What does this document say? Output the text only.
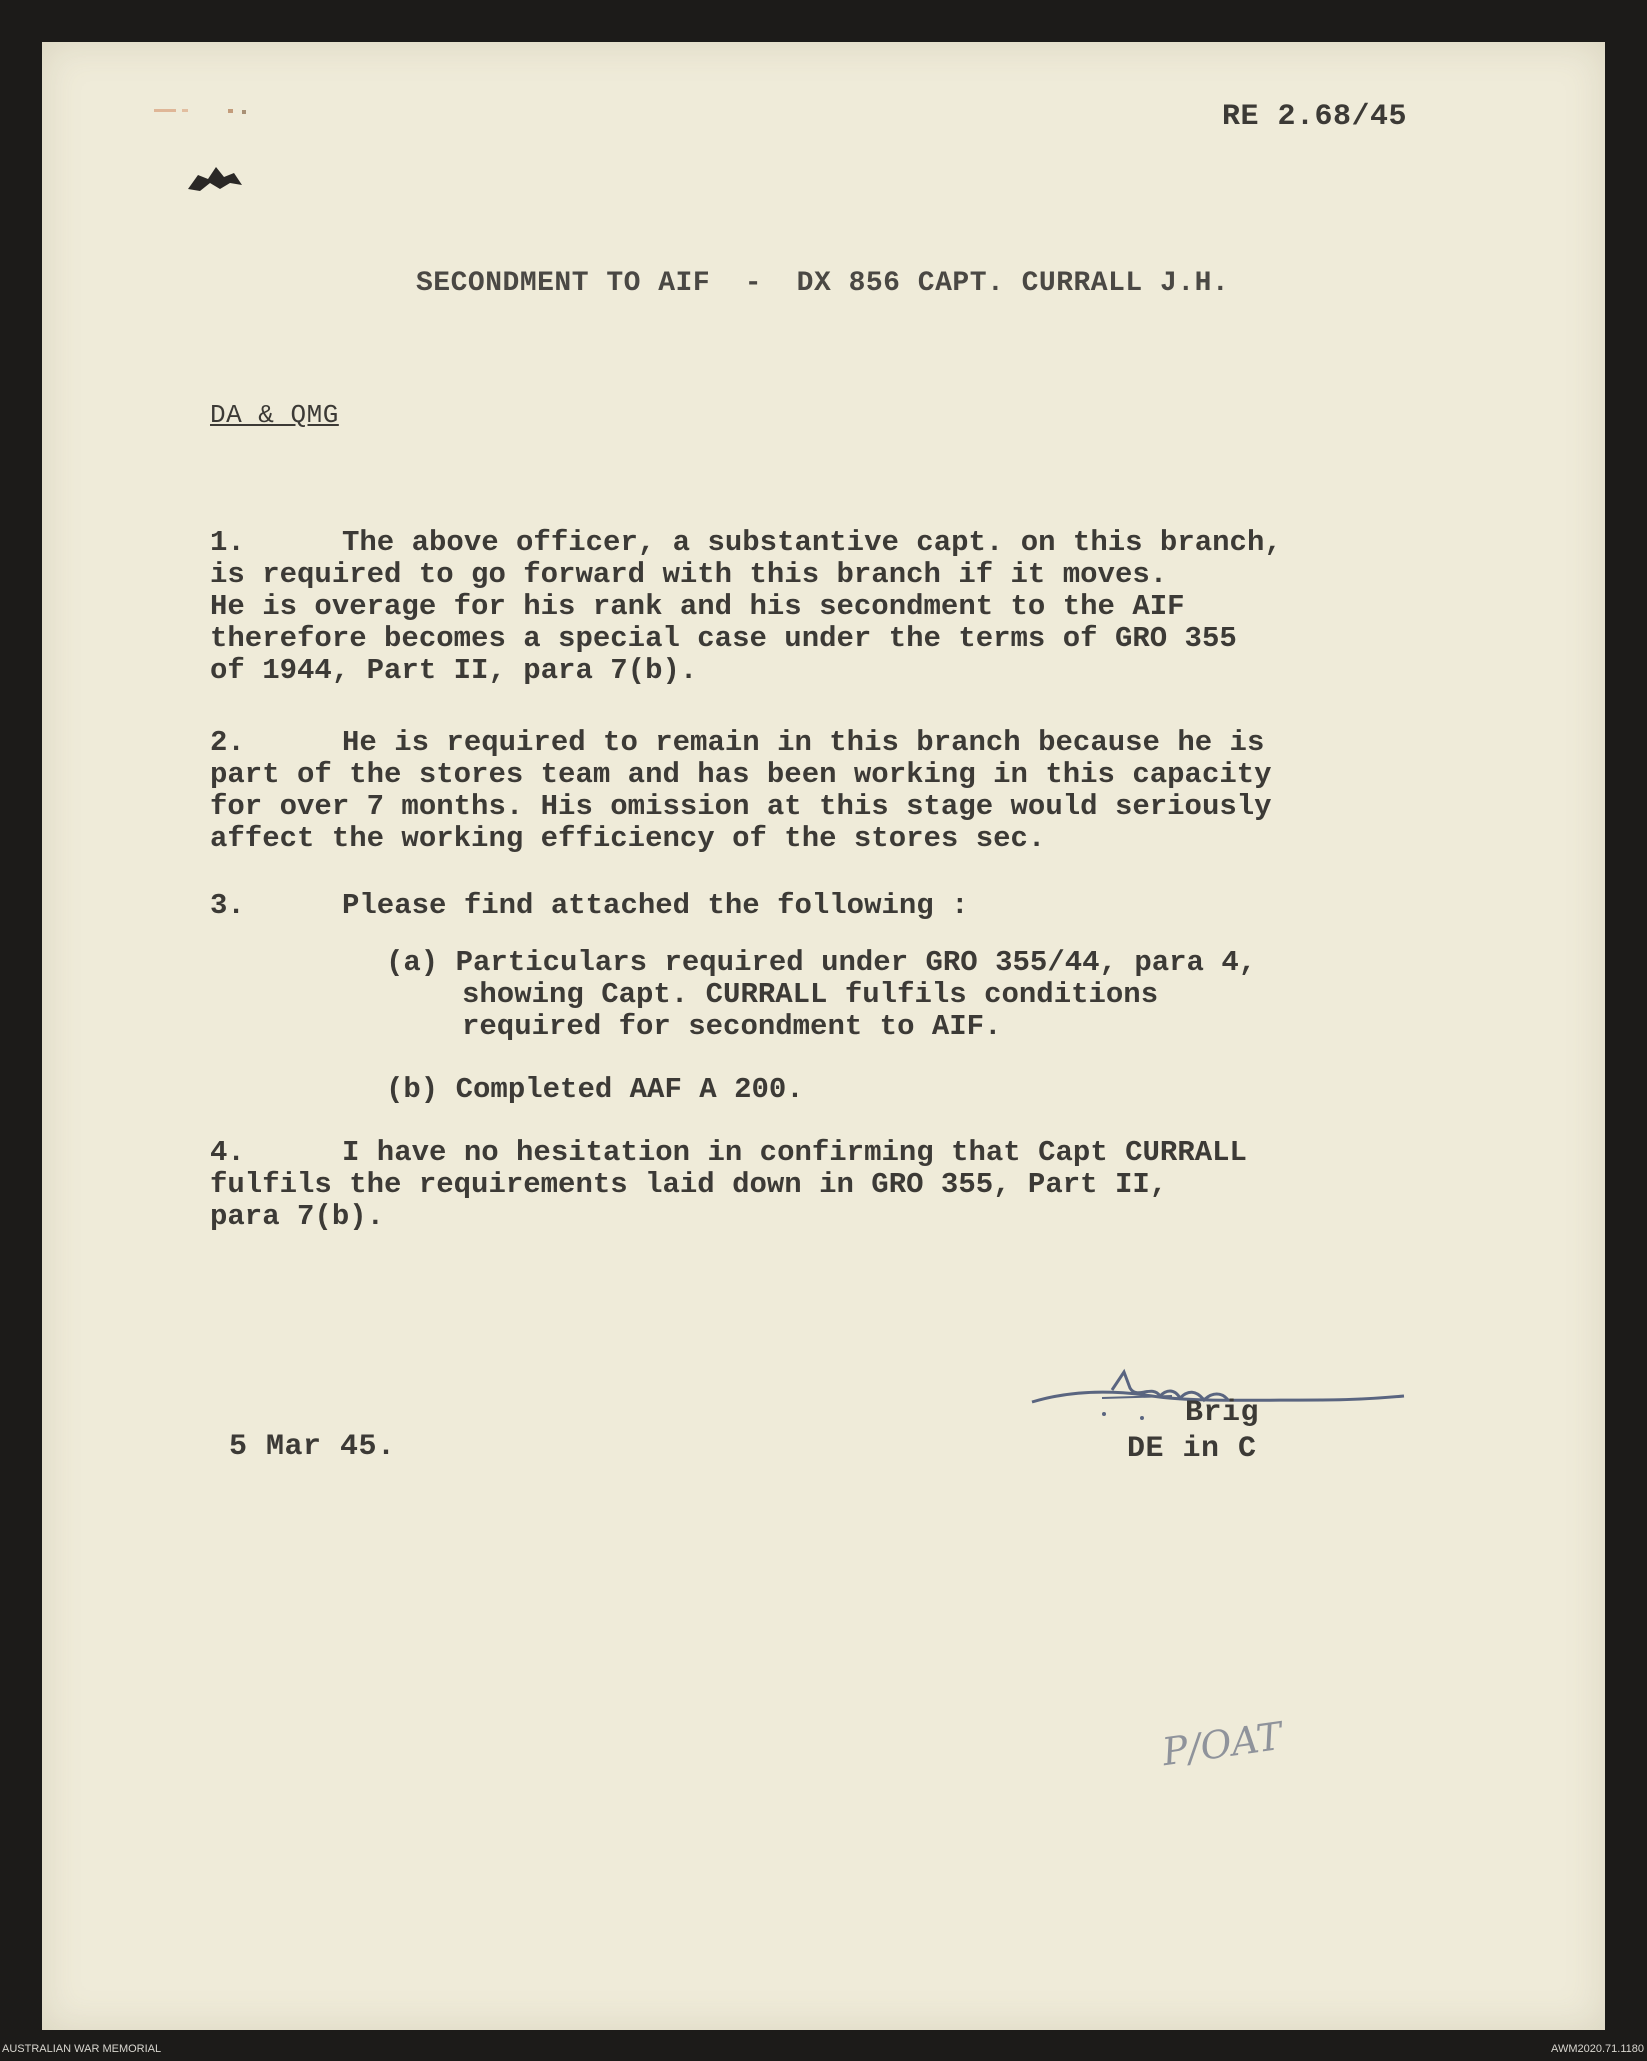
RE 2.68/45
SECONDMENT TO AIF  -  DX 856 CAPT. CURRALL J.H.
DA & QMG
1.	The above officer, a substantive capt. on this branch,
is required to go forward with this branch if it moves.
He is overage for his rank and his secondment to the AIF
therefore becomes a special case under the terms of GRO 355
of 1944, Part II, para 7(b).
2.	He is required to remain in this branch because he is
part of the stores team and has been working in this capacity
for over 7 months. His omission at this stage would seriously
affect the working efficiency of the stores sec.
3.	Please find attached the following :
(a) Particulars required under GRO 355/44, para 4,
showing Capt. CURRALL fulfils conditions
required for secondment to AIF.
(b) Completed AAF A 200.
4.	I have no hesitation in confirming that Capt CURRALL
fulfils the requirements laid down in GRO 355, Part II,
para 7(b).
Brig
5 Mar 45.	DE in C
P/OAT
AUSTRALIAN WAR MEMORIAL	AWM2020.71.1180
